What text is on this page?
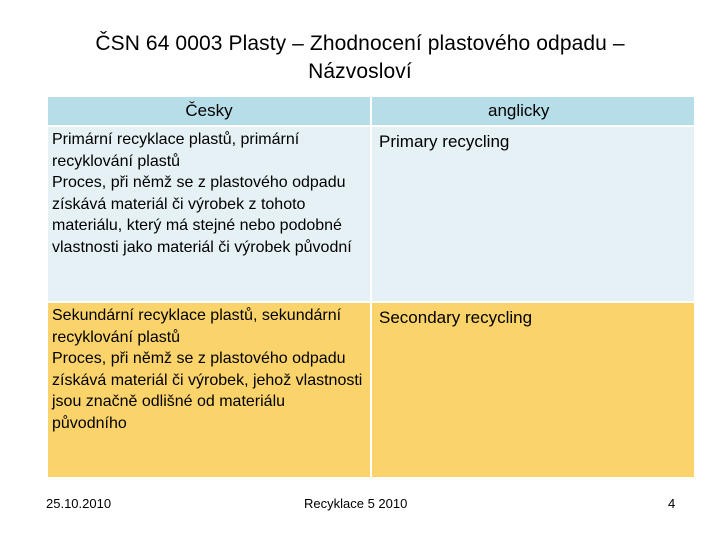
ČSN 64 0003 Plasty – Zhodnocení plastového odpadu –
Názvosloví
Česky	anglicky

Primární recyklace plastů, primární recyklování plastů
Proces, při němž se z plastového odpadu získává materiál či výrobek z tohoto materiálu, který má stejné nebo podobné vlastnosti jako materiál či výrobek původní	Primary recycling

Sekundární recyklace plastů, sekundární recyklování plastů
Proces, při němž se z plastového odpadu získává materiál či výrobek, jehož vlastnosti jsou značně odlišné od materiálu původního	Secondary recycling
25.10.2010	Recyklace 5 2010	4
